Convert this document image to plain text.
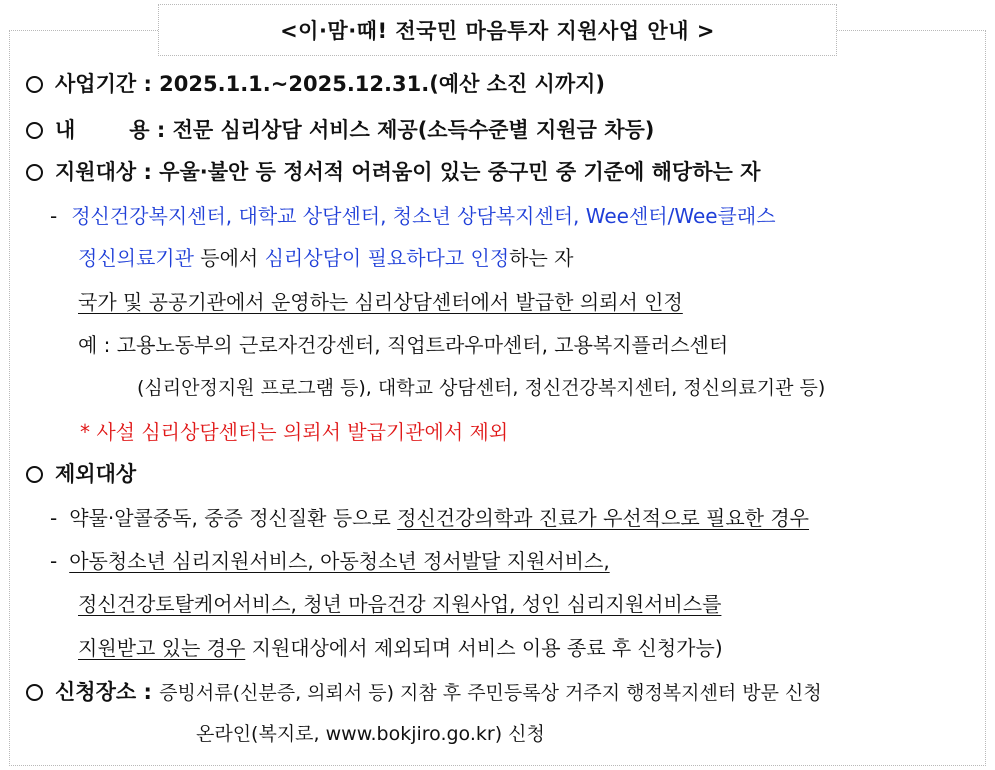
<이·맘·때! 전국민 마음투자 지원사업 안내 >
사업기간 : 2025.1.1.~2025.12.31.(예산 소진 시까지)
내	용 : 전문 심리상담 서비스 제공(소득수준별 지원금 차등)
지원대상 : 우울·불안 등 정서적 어려움이 있는 중구민 중 기준에 해당하는 자
- 정신건강복지센터, 대학교 상담센터, 청소년 상담복지센터, Wee센터/Wee클래스
정신의료기관 등에서 심리상담이 필요하다고 인정하는 자
국가 및 공공기관에서 운영하는 심리상담센터에서 발급한 의뢰서 인정
예 : 고용노동부의 근로자건강센터, 직업트라우마센터, 고용복지플러스센터
(심리안정지원 프로그램 등), 대학교 상담센터, 정신건강복지센터, 정신의료기관 등)
* 사설 심리상담센터는 의뢰서 발급기관에서 제외
제외대상
- 약물·알콜중독, 중증 정신질환 등으로 정신건강의학과 진료가 우선적으로 필요한 경우
- 아동청소년 심리지원서비스, 아동청소년 정서발달 지원서비스,
정신건강토탈케어서비스, 청년 마음건강 지원사업, 성인 심리지원서비스를
지원받고 있는 경우 지원대상에서 제외되며 서비스 이용 종료 후 신청가능)
신청장소 : 증빙서류(신분증, 의뢰서 등) 지참 후 주민등록상 거주지 행정복지센터 방문 신청
온라인(복지로, www.bokjiro.go.kr) 신청
